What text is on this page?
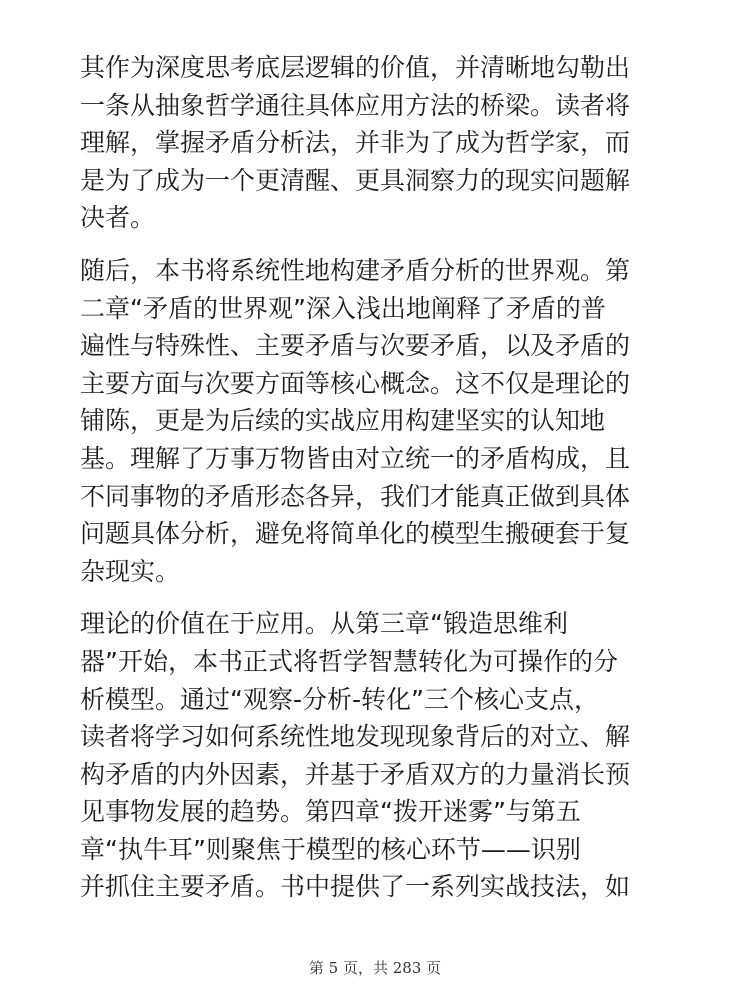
其作为深度思考底层逻辑的价值，并清晰地勾勒出
一条从抽象哲学通往具体应用方法的桥梁。读者将
理解，掌握矛盾分析法，并非为了成为哲学家，而
是为了成为一个更清醒、更具洞察力的现实问题解
决者。

随后，本书将系统性地构建矛盾分析的世界观。第
二章“矛盾的世界观”深入浅出地阐释了矛盾的普
遍性与特殊性、主要矛盾与次要矛盾，以及矛盾的
主要方面与次要方面等核心概念。这不仅是理论的
铺陈，更是为后续的实战应用构建坚实的认知地
基。理解了万事万物皆由对立统一的矛盾构成，且
不同事物的矛盾形态各异，我们才能真正做到具体
问题具体分析，避免将简单化的模型生搬硬套于复
杂现实。

理论的价值在于应用。从第三章“锻造思维利
器”开始，本书正式将哲学智慧转化为可操作的分
析模型。通过“观察-分析-转化”三个核心支点，
读者将学习如何系统性地发现现象背后的对立、解
构矛盾的内外因素，并基于矛盾双方的力量消长预
见事物发展的趋势。第四章“拨开迷雾”与第五
章“执牛耳”则聚焦于模型的核心环节——识别
并抓住主要矛盾。书中提供了一系列实战技法，如

第 5 页，共 283 页
